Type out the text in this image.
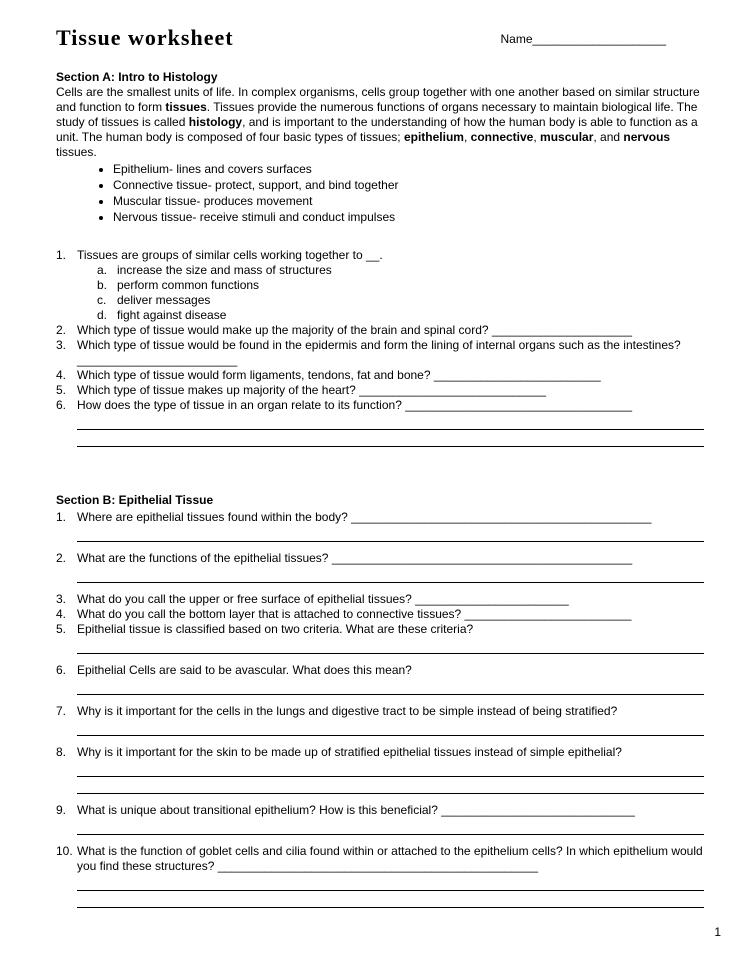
Tissue worksheet	Name____________________
Section A: Intro to Histology

Cells are the smallest units of life. In complex organisms, cells group together with one another based on similar structure and function to form tissues. Tissues provide the numerous functions of organs necessary to maintain biological life. The study of tissues is called histology, and is important to the understanding of how the human body is able to function as a unit. The human body is composed of four basic types of tissues; epithelium, connective, muscular, and nervous tissues.

• Epithelium- lines and covers surfaces
• Connective tissue- protect, support, and bind together
• Muscular tissue- produces movement
• Nervous tissue- receive stimuli and conduct impulses
1. Tissues are groups of similar cells working together to __.
a. increase the size and mass of structures
b. perform common functions
c. deliver messages
d. fight against disease
2. Which type of tissue would make up the majority of the brain and spinal cord? _____________________
3. Which type of tissue would be found in the epidermis and form the lining of internal organs such as the intestines? ________________________
4. Which type of tissue would form ligaments, tendons, fat and bone? _________________________
5. Which type of tissue makes up majority of the heart? ____________________________
6. How does the type of tissue in an organ relate to its function? __________________________________
Section B: Epithelial Tissue
1. Where are epithelial tissues found within the body? _____________________________________________
2. What are the functions of the epithelial tissues? _____________________________________________
3. What do you call the upper or free surface of epithelial tissues? _______________________
4. What do you call the bottom layer that is attached to connective tissues? _________________________
5. Epithelial tissue is classified based on two criteria. What are these criteria?
6. Epithelial Cells are said to be avascular. What does this mean?
7. Why is it important for the cells in the lungs and digestive tract to be simple instead of being stratified?
8. Why is it important for the skin to be made up of stratified epithelial tissues instead of simple epithelial?
9. What is unique about transitional epithelium? How is this beneficial? _____________________________
10. What is the function of goblet cells and cilia found within or attached to the epithelium cells? In which epithelium would you find these structures? ________________________________________________
1
